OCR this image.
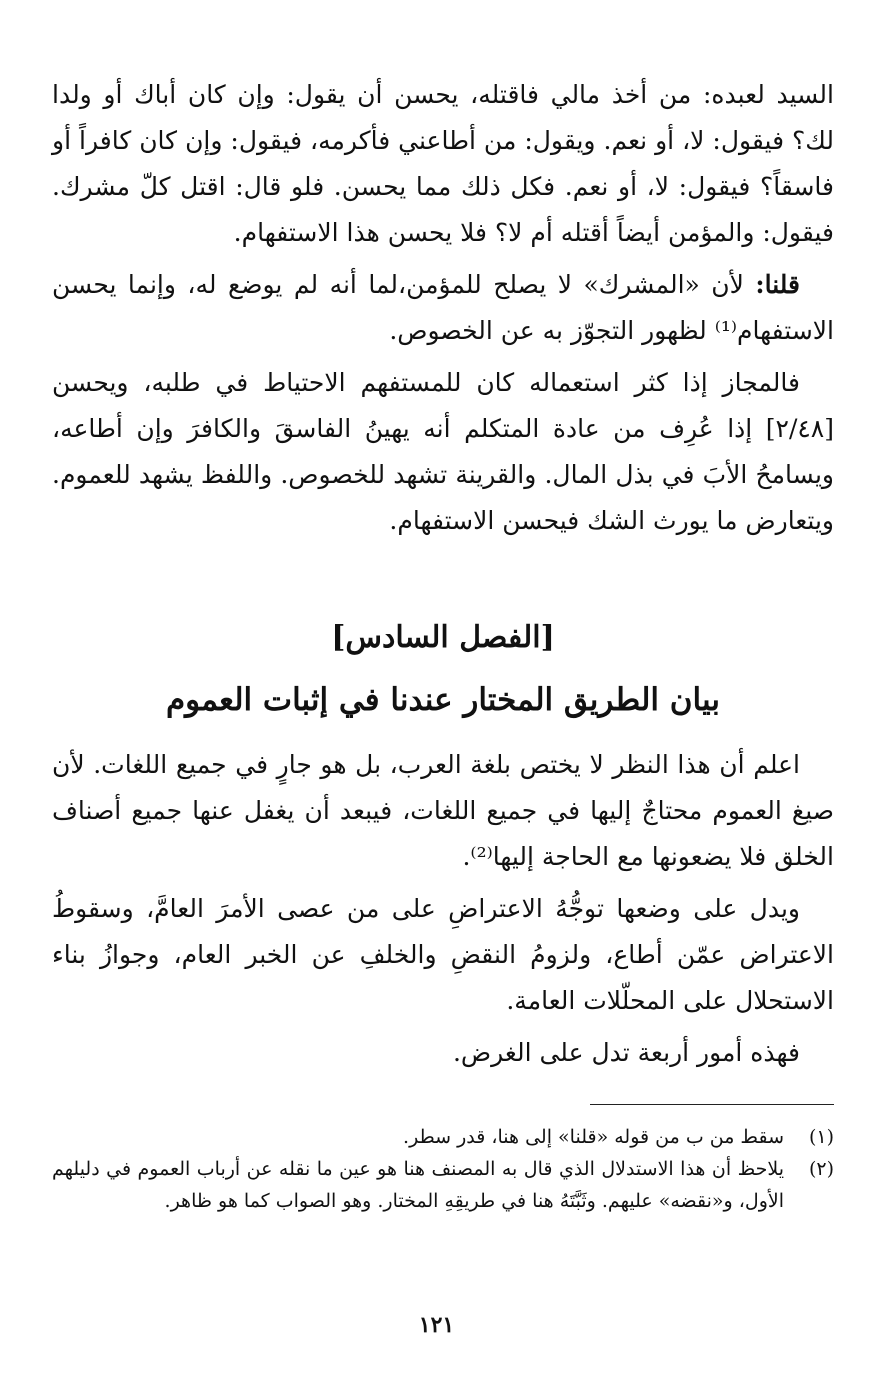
السيد لعبده: من أخذ مالي فاقتله، يحسن أن يقول: وإن كان أباك أو ولدا لك؟ فيقول: لا، أو نعم. ويقول: من أطاعني فأكرمه، فيقول: وإن كان كافراً أو فاسقاً؟ فيقول: لا، أو نعم. فكل ذلك مما يحسن. فلو قال: اقتل كلّ مشرك. فيقول: والمؤمن أيضاً أقتله أم لا؟ فلا يحسن هذا الاستفهام.

قلنا: لأن «المشرك» لا يصلح للمؤمن،لما أنه لم يوضع له، وإنما يحسن الاستفهام⁽¹⁾ لظهور التجوّز به عن الخصوص.

فالمجاز إذا كثر استعماله كان للمستفهم الاحتياط في طلبه، ويحسن [٢/٤٨] إذا عُرِف من عادة المتكلم أنه يهينُ الفاسقَ والكافرَ وإن أطاعه، ويسامحُ الأبَ في بذل المال. والقرينة تشهد للخصوص. واللفظ يشهد للعموم. ويتعارض ما يورث الشك فيحسن الاستفهام.

[الفصل السادس]
بيان الطريق المختار عندنا في إثبات العموم

اعلم أن هذا النظر لا يختص بلغة العرب، بل هو جارٍ في جميع اللغات. لأن صيغ العموم محتاجٌ إليها في جميع اللغات، فيبعد أن يغفل عنها جميع أصناف الخلق فلا يضعونها مع الحاجة إليها⁽²⁾.

ويدل على وضعها توجُّهُ الاعتراضِ على من عصى الأمرَ العامَّ، وسقوطُ الاعتراض عمّن أطاع، ولزومُ النقضِ والخلفِ عن الخبر العام، وجوازُ بناء الاستحلال على المحلّلات العامة.

فهذه أمور أربعة تدل على الغرض.

(١)
سقط من ب من قوله «قلنا» إلى هنا، قدر سطر.
(٢)
يلاحظ أن هذا الاستدلال الذي قال به المصنف هنا هو عين ما نقله عن أرباب العموم في دليلهم الأول، و«نقضه» عليهم. وثَبَّتَهُ هنا في طريقِهِ المختار. وهو الصواب كما هو ظاهر.
١٢١
